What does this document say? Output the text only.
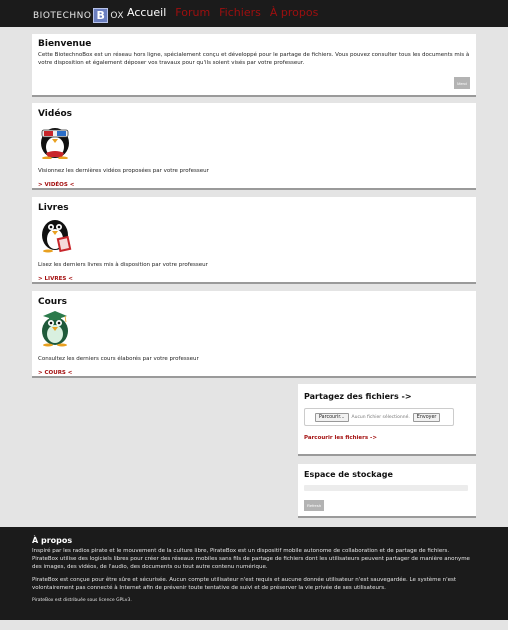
BIOTECHNO B OX Accueil Forum Fichiers À propos
Bienvenue

Cette BiotechnoBox est un réseau hors ligne, spécialement conçu et développé pour le partage de fichiers. Vous pouvez consulter tous les documents mis à votre disposition et également déposer vos travaux pour qu'ils soient visés par votre professeur.

Merci
Vidéos

Visionnez les dernières vidéos proposées par votre professeur

> VIDÉOS <
Livres

Lisez les derniers livres mis à disposition par votre professeur

> LIVRES <
Cours

Consultez les derniers cours élaborés par votre professeur

> COURS <
Partagez des fichiers ->
Parcourir...	Aucun fichier sélectionné.	Envoyer
Parcourir les fichiers ->
Espace de stockage
Refresh
À propos

Inspiré par les radios pirate et le mouvement de la culture libre, PirateBox est un dispositif mobile autonome de collaboration et de partage de fichiers. PirateBox utilise des logiciels libres pour créer des réseaux mobiles sans fils de partage de fichiers dont les utilisateurs peuvent partager de manière anonyme des images, des vidéos, de l'audio, des documents ou tout autre contenu numérique.

PirateBox est conçue pour être sûre et sécurisée. Aucun compte utilisateur n'est requis et aucune donnée utilisateur n'est sauvegardée. Le système n'est volontairement pas connecté à Internet afin de prévenir toute tentative de suivi et de préserver la vie privée de ses utilisateurs.

PirateBox est distribuée sous licence GPLv3.
